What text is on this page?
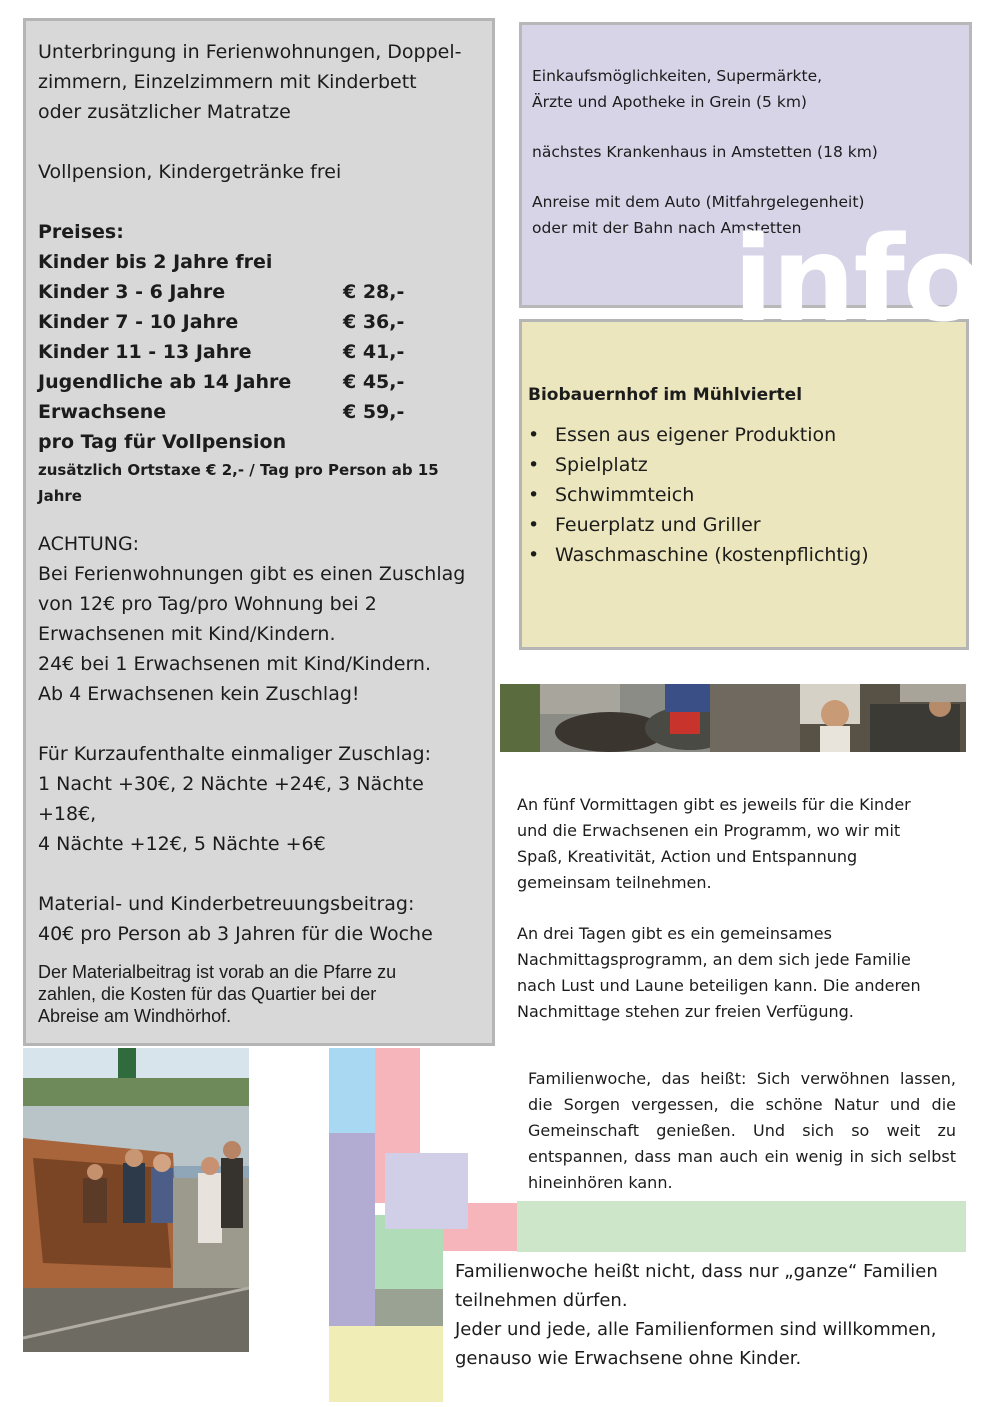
Unterbringung in Ferienwohnungen, Doppel-

zimmern, Einzelzimmern mit Kinderbett

oder zusätzlicher Matratze

Vollpension, Kindergetränke frei

Preises:

Kinder bis 2 Jahre frei

Kinder 3 - 6 Jahre	€ 28,-
Kinder 7 - 10 Jahre	€ 36,-
Kinder 11 - 13 Jahre	€ 41,-
Jugendliche ab 14 Jahre	€ 45,-
Erwachsene	€ 59,-

pro Tag für Vollpension

zusätzlich Ortstaxe € 2,- / Tag pro Person ab 15

Jahre

ACHTUNG:

Bei Ferienwohnungen gibt es einen Zuschlag

von 12€ pro Tag/pro Wohnung bei 2

Erwachsenen mit Kind/Kindern.

24€ bei 1 Erwachsenen mit Kind/Kindern.

Ab 4 Erwachsenen kein Zuschlag!

Für Kurzaufenthalte einmaliger Zuschlag:

1 Nacht +30€, 2 Nächte +24€, 3 Nächte +18€,

4 Nächte +12€, 5 Nächte +6€

Material- und Kinderbetreuungsbeitrag:

40€ pro Person ab 3 Jahren für die Woche

Der Materialbeitrag ist vorab an die Pfarre zu

zahlen, die Kosten für das Quartier bei der

Abreise am Windhörhof.

Einkaufsmöglichkeiten, Supermärkte,

Ärzte und Apotheke in Grein (5 km)

nächstes Krankenhaus in Amstetten (18 km)

Anreise mit dem Auto (Mitfahrgelegenheit)

oder mit der Bahn nach Amstetten

Biobauernhof im Mühlviertel

• Essen aus eigener Produktion
• Spielplatz
• Schwimmteich
• Feuerplatz und Griller
• Waschmaschine (kostenpflichtig)
info

An fünf Vormittagen gibt es jeweils für die Kinder

und die Erwachsenen ein Programm, wo wir mit

Spaß, Kreativität, Action und Entspannung

gemeinsam teilnehmen.

An drei Tagen gibt es ein gemeinsames

Nachmittagsprogramm, an dem sich jede Familie

nach Lust und Laune beteiligen kann. Die anderen

Nachmittage stehen zur freien Verfügung.

Familienwoche, das heißt: Sich verwöhnen lassen, die Sorgen vergessen, die schöne Natur und die Gemeinschaft genießen. Und sich so weit zu entspannen, dass man auch ein wenig in sich selbst hineinhören kann.

Familienwoche heißt nicht, dass nur „ganze“ Familien

teilnehmen dürfen.

Jeder und jede, alle Familienformen sind willkommen,

genauso wie Erwachsene ohne Kinder.
